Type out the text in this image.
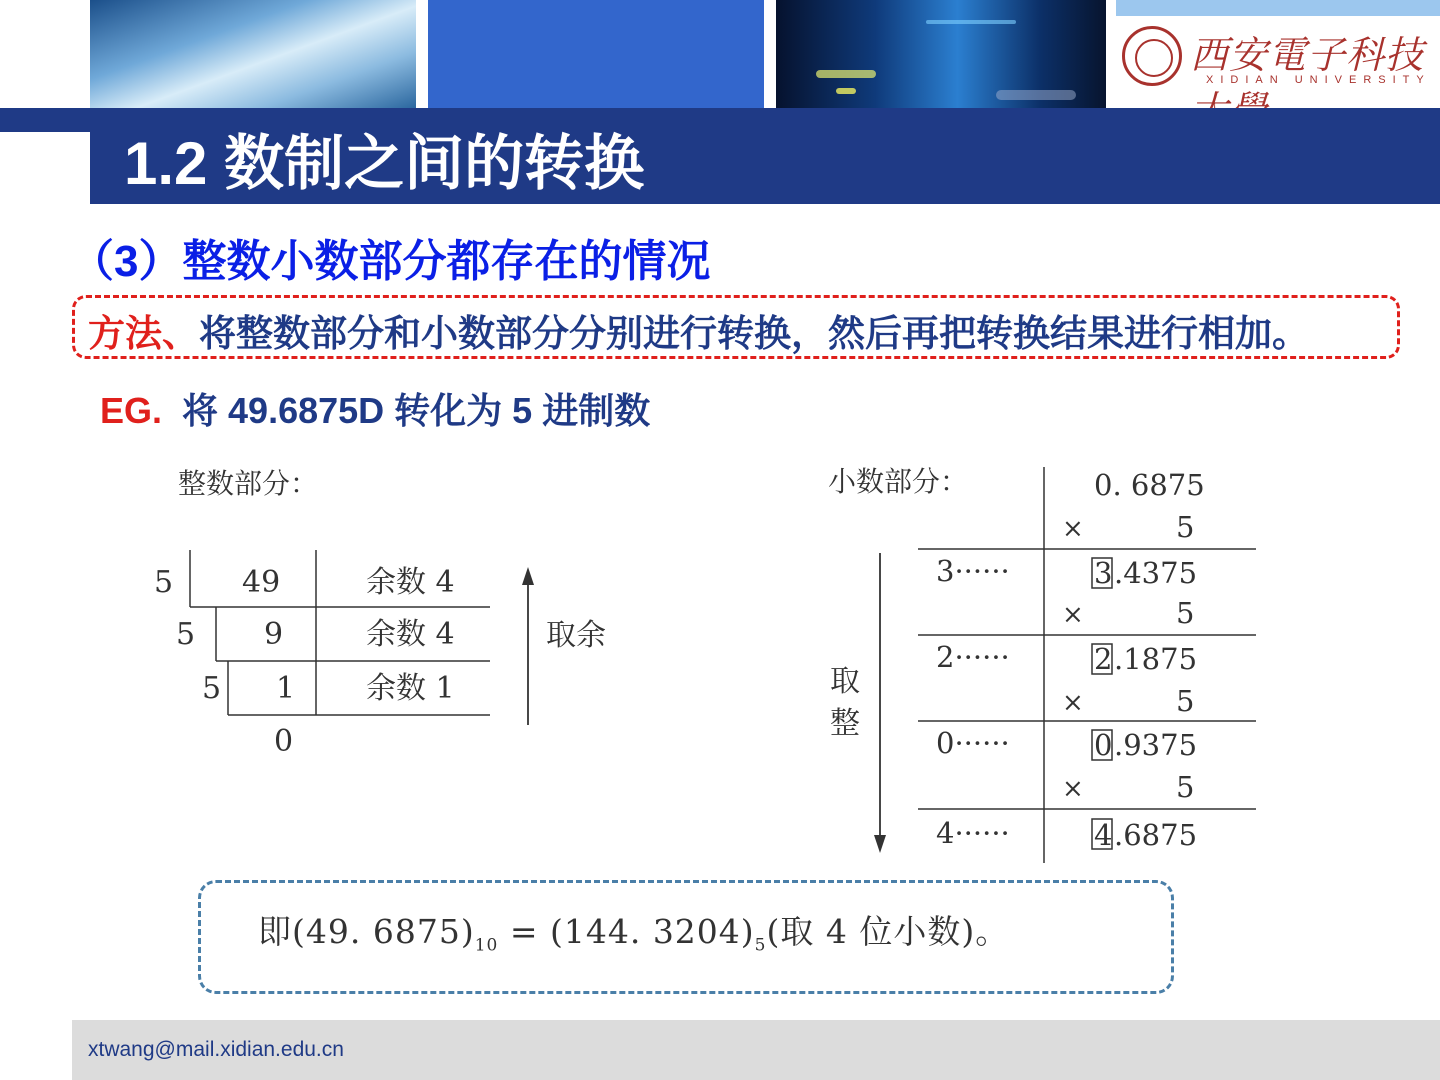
西安電子科技
XIDIAN UNIVERSITY
1.2 数制之间的转换
（3）整数小数部分都存在的情况
方法、将整数部分和小数部分分别进行转换，然后再把转换结果进行相加。
EG. 将 49.6875D 转化为 5 进制数
整数部分：
5 49	余数 4
5 9	余数 4
5 1 余数 1
0
取余
小数部分：
取
整
0. 6875
×	5
3······	3 .4375
×	5
2······	2 .1875
×	5
0······	0 .9375
×	5
4······	4 .6875
即(49. $6875)_{10} = (144$. $3204)_5$(取 4 位小数)。
xtwang@mail.xidian.edu.cn
